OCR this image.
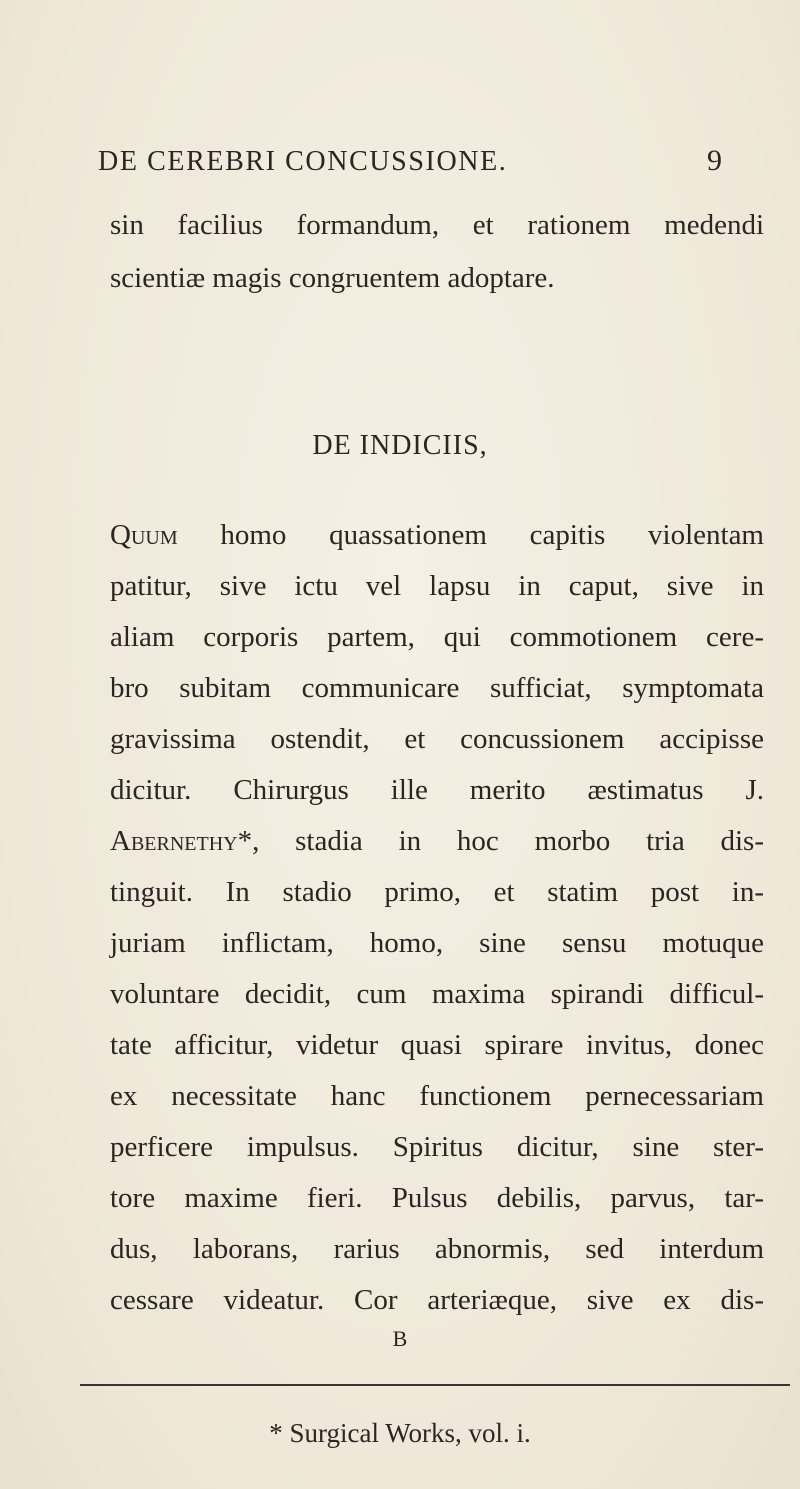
DE CEREBRI CONCUSSIONE.	9
sin facilius formandum, et rationem medendi
scientiæ magis congruentem adoptare.
DE INDICIIS,
Quum homo quassationem capitis violentam
patitur, sive ictu vel lapsu in caput, sive in
aliam corporis partem, qui commotionem cere-
bro subitam communicare sufficiat, symptomata
gravissima ostendit, et concussionem accipisse
dicitur. Chirurgus ille merito æstimatus J.
Abernethy*, stadia in hoc morbo tria dis-
tinguit. In stadio primo, et statim post in-
juriam inflictam, homo, sine sensu motuque
voluntare decidit, cum maxima spirandi difficul-
tate afficitur, videtur quasi spirare invitus, donec
ex necessitate hanc functionem pernecessariam
perficere impulsus. Spiritus dicitur, sine ster-
tore maxime fieri. Pulsus debilis, parvus, tar-
dus, laborans, rarius abnormis, sed interdum
cessare videatur. Cor arteriæque, sive ex dis-
B
* Surgical Works, vol. i.
